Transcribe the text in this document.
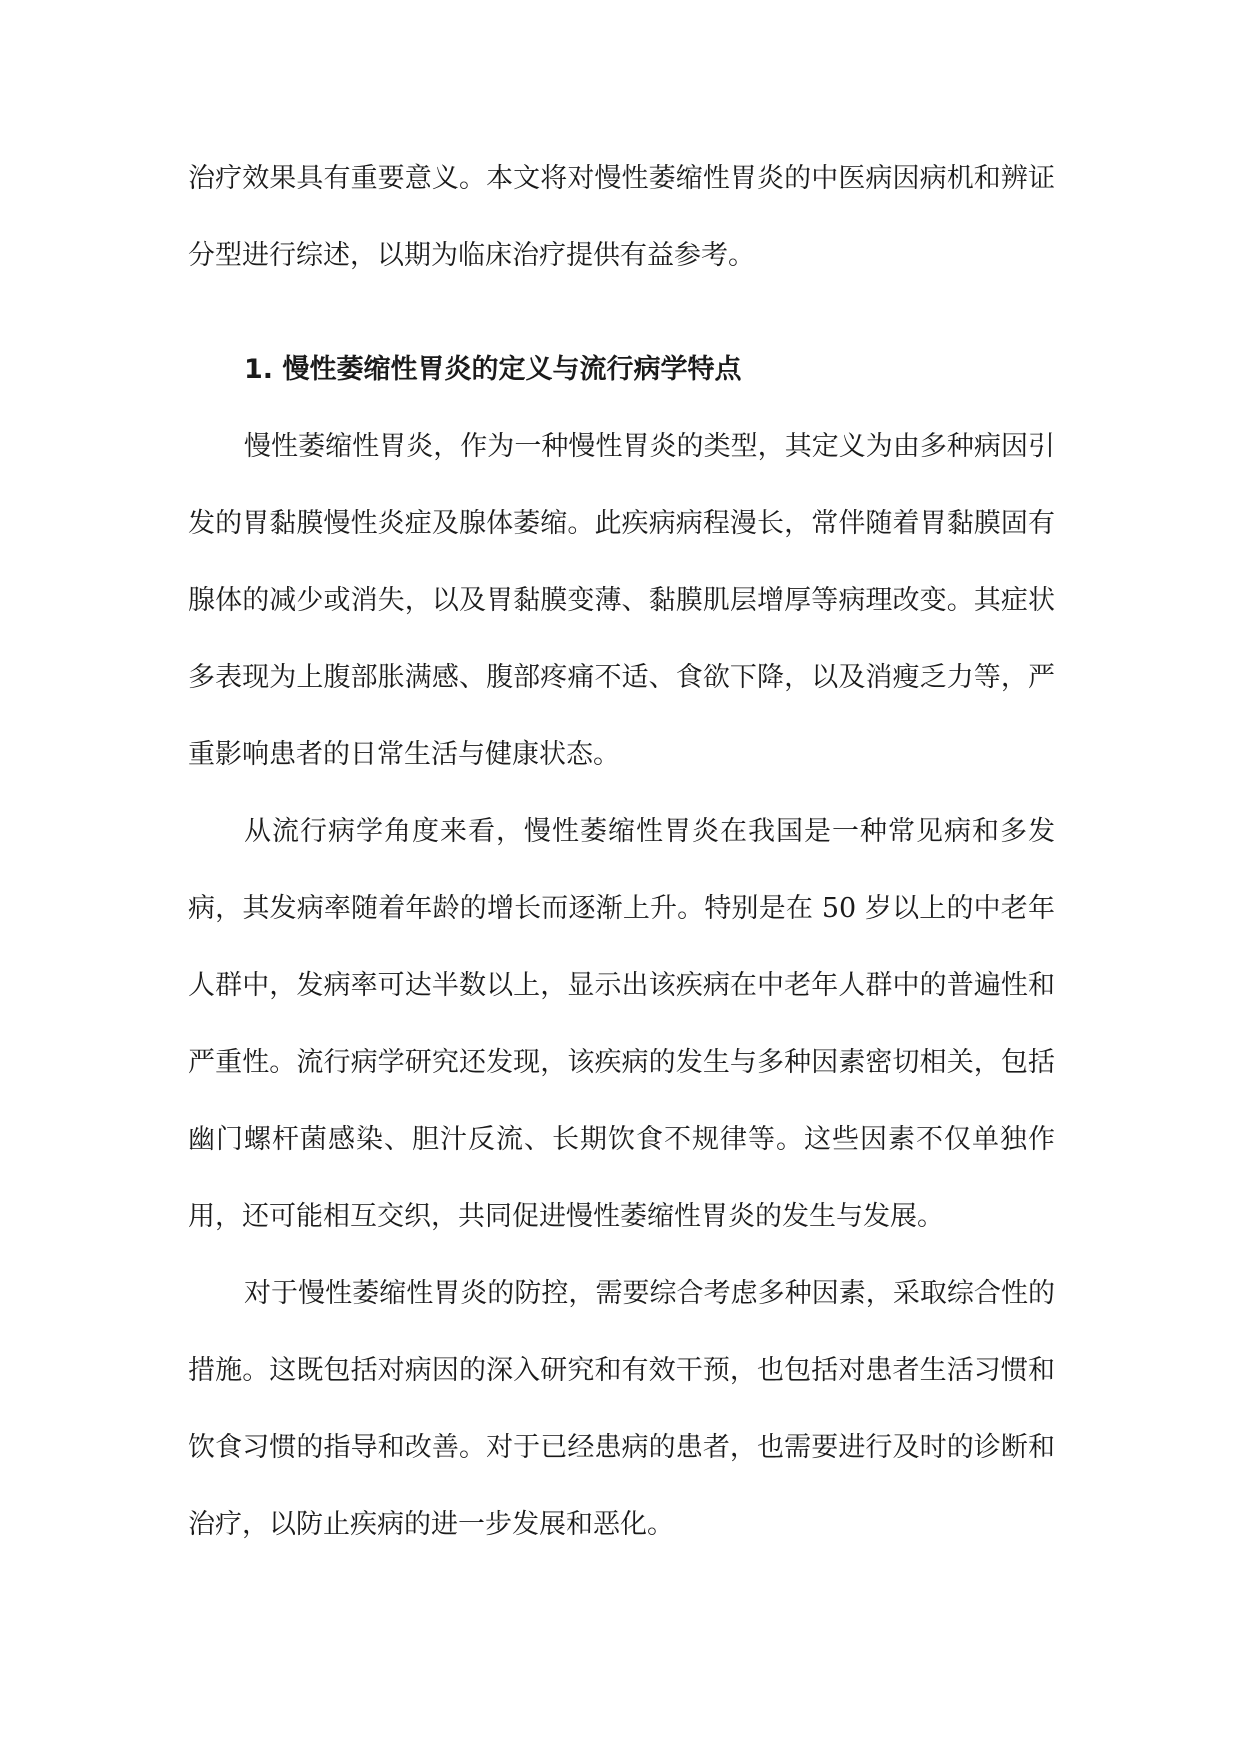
治疗效果具有重要意义。本文将对慢性萎缩性胃炎的中医病因病机和辨证分型进行综述，以期为临床治疗提供有益参考。

1. 慢性萎缩性胃炎的定义与流行病学特点

慢性萎缩性胃炎，作为一种慢性胃炎的类型，其定义为由多种病因引发的胃黏膜慢性炎症及腺体萎缩。此疾病病程漫长，常伴随着胃黏膜固有腺体的减少或消失，以及胃黏膜变薄、黏膜肌层增厚等病理改变。其症状多表现为上腹部胀满感、腹部疼痛不适、食欲下降，以及消瘦乏力等，严重影响患者的日常生活与健康状态。

从流行病学角度来看，慢性萎缩性胃炎在我国是一种常见病和多发病，其发病率随着年龄的增长而逐渐上升。特别是在 50 岁以上的中老年人群中，发病率可达半数以上，显示出该疾病在中老年人群中的普遍性和严重性。流行病学研究还发现，该疾病的发生与多种因素密切相关，包括幽门螺杆菌感染、胆汁反流、长期饮食不规律等。这些因素不仅单独作用，还可能相互交织，共同促进慢性萎缩性胃炎的发生与发展。

对于慢性萎缩性胃炎的防控，需要综合考虑多种因素，采取综合性的措施。这既包括对病因的深入研究和有效干预，也包括对患者生活习惯和饮食习惯的指导和改善。对于已经患病的患者，也需要进行及时的诊断和治疗，以防止疾病的进一步发展和恶化。
